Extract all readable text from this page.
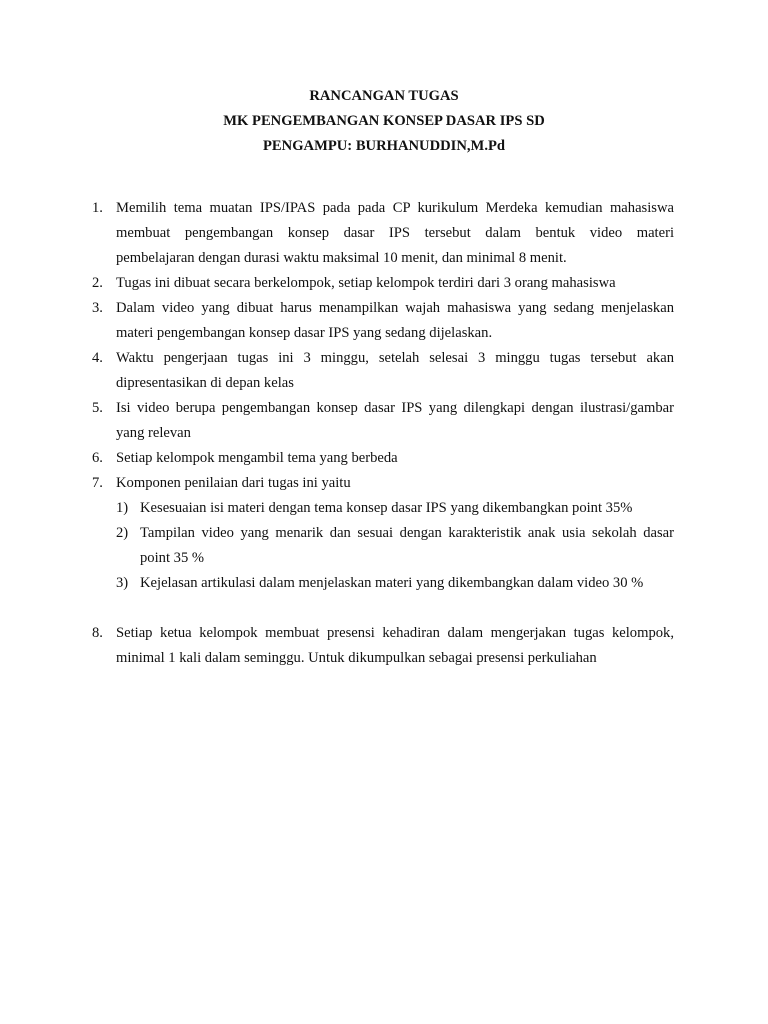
RANCANGAN TUGAS
MK PENGEMBANGAN KONSEP DASAR IPS SD
PENGAMPU: BURHANUDDIN,M.Pd
1. Memilih tema muatan IPS/IPAS pada pada CP kurikulum Merdeka kemudian mahasiswa
membuat pengembangan konsep dasar IPS tersebut dalam bentuk video materi
pembelajaran dengan durasi waktu maksimal 10 menit, dan minimal 8 menit.
2. Tugas ini dibuat secara berkelompok, setiap kelompok terdiri dari 3 orang mahasiswa
3. Dalam video yang dibuat harus menampilkan wajah mahasiswa yang sedang menjelaskan
materi pengembangan konsep dasar IPS yang sedang dijelaskan.
4. Waktu pengerjaan tugas ini 3 minggu, setelah selesai 3 minggu tugas tersebut akan
dipresentasikan di depan kelas
5. Isi video berupa pengembangan konsep dasar IPS yang dilengkapi dengan ilustrasi/gambar
yang relevan
6. Setiap kelompok mengambil tema yang berbeda
7. Komponen penilaian dari tugas ini yaitu
1) Kesesuaian isi materi dengan tema konsep dasar IPS yang dikembangkan point 35%
2) Tampilan video yang menarik dan sesuai dengan karakteristik anak usia sekolah dasar
point 35 %
3) Kejelasan artikulasi dalam menjelaskan materi yang dikembangkan dalam video 30 %
8. Setiap ketua kelompok membuat presensi kehadiran dalam mengerjakan tugas kelompok,
minimal 1 kali dalam seminggu. Untuk dikumpulkan sebagai presensi perkuliahan
